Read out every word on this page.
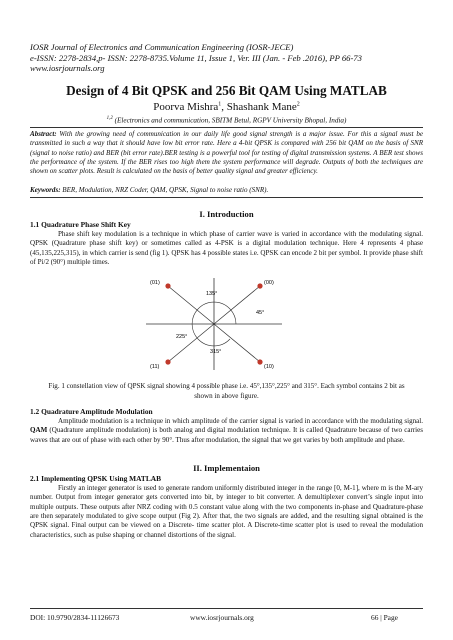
IOSR Journal of Electronics and Communication Engineering (IOSR-JECE)
e-ISSN: 2278-2834,p- ISSN: 2278-8735.Volume 11, Issue 1, Ver. III (Jan. - Feb .2016), PP 66-73
www.iosrjournals.org
Design of 4 Bit QPSK and 256 Bit QAM Using MATLAB
Poorva Mishra$^1$, Shashank Mane$^2$
$^{1,2}$ (Electronics and communication, SBITM Betul, RGPV University Bhopal, India)
Abstract: With the growing need of communication in our daily life good signal strength is a major issue. For this a signal must be transmitted in such a way that it should have low bit error rate. Here a 4-bit QPSK is compared with 256 bit QAM on the basis of SNR (signal to noise ratio) and BER (bit error rate).BER testing is a powerful tool for testing of digital transmission systems. A BER test shows the performance of the system. If the BER rises too high them the system performance will degrade. Outputs of both the techniques are shown on scatter plots. Result is calculated on the basis of better quality signal and greater efficiency.
Keywords: BER, Modulation, NRZ Coder, QAM, QPSK, Signal to noise ratio (SNR).
I. Introduction
1.1 Quadrature Phase Shift Key
Phase shift key modulation is a technique in which phase of carrier wave is varied in accordance with the modulating signal. QPSK (Quadrature phase shift key) or sometimes called as 4-PSK is a digital modulation technique. Here 4 represents 4 phase (45,135,225,315), in which carrier is send (fig 1). QPSK has 4 possible states i.e. QPSK can encode 2 bit per symbol. It provide phase shift of Pi/2 (90°) multiple times.
(01)	(00)
(11)	(10)
135°
45°
225°
315°
Fig. 1 constellation view of QPSK signal showing 4 possible phase i.e. 45°,135°,225° and 315°. Each symbol contains 2 bit as shown in above figure.
1.2 Quadrature Amplitude Modulation
Amplitude modulation is a technique in which amplitude of the carrier signal is varied in accordance with the modulating signal. QAM (Quadrature amplitude modulation) is both analog and digital modulation technique. It is called Quadrature because of two carries waves that are out of phase with each other by 90°. Thus after modulation, the signal that we get varies by both amplitude and phase.
II. Implementaion
2.1 Implementing QPSK Using MATLAB
Firstly an integer generator is used to generate random uniformly distributed integer in the range [0, M-1], where m is the M-ary number. Output from integer generator gets converted into bit, by integer to bit converter. A demultiplexer convert’s single input into multiple outputs. These outputs after NRZ coding with 0.5 constant value along with the two components in-phase and Quadrature-phase are then separately modulated to give scope output (Fig 2). After that, the two signals are added, and the resulting signal obtained is the QPSK signal. Final output can be viewed on a Discrete- time scatter plot. A Discrete-time scatter plot is used to reveal the modulation characteristics, such as pulse shaping or channel distortions of the signal.
DOI: 10.9790/2834-11126673	www.iosrjournals.org	66 | Page
